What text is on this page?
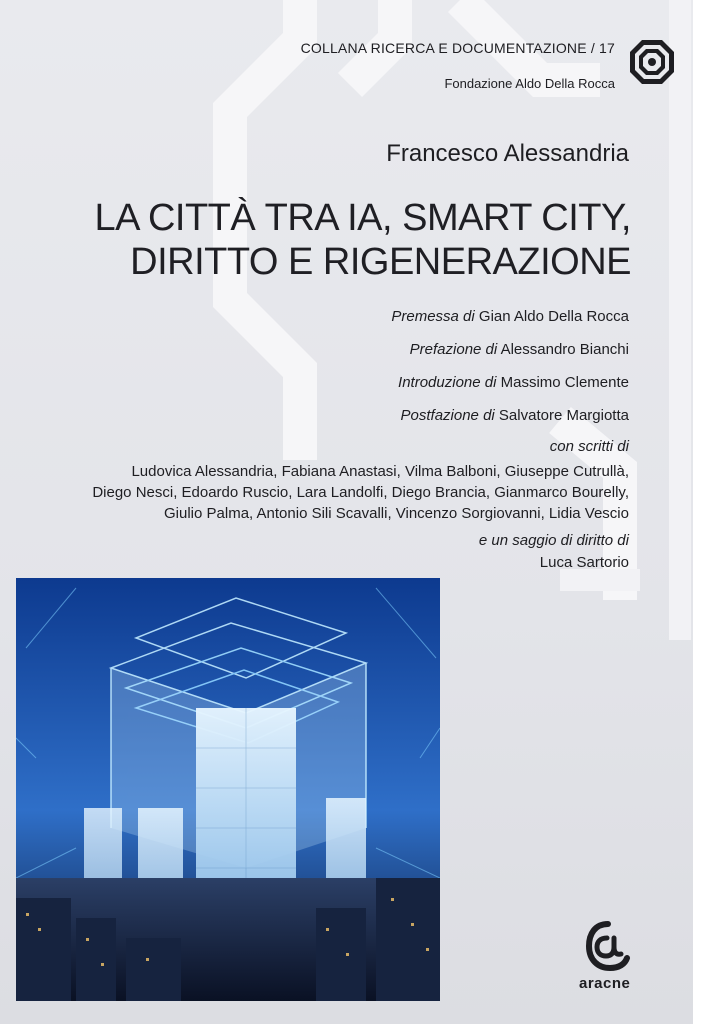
COLLANA RICERCA E DOCUMENTAZIONE / 17
Fondazione Aldo Della Rocca
Francesco Alessandria
LA CITTÀ TRA IA, SMART CITY,
DIRITTO E RIGENERAZIONE
Premessa di Gian Aldo Della Rocca
Prefazione di Alessandro Bianchi
Introduzione di Massimo Clemente
Postfazione di Salvatore Margiotta
con scritti di
Ludovica Alessandria, Fabiana Anastasi, Vilma Balboni, Giuseppe Cutrullà,
Diego Nesci, Edoardo Ruscio, Lara Landolfi, Diego Brancia, Gianmarco Bourelly,
Giulio Palma, Antonio Sili Scavalli, Vincenzo Sorgiovanni, Lidia Vescio
e un saggio di diritto di
Luca Sartorio
aracne
